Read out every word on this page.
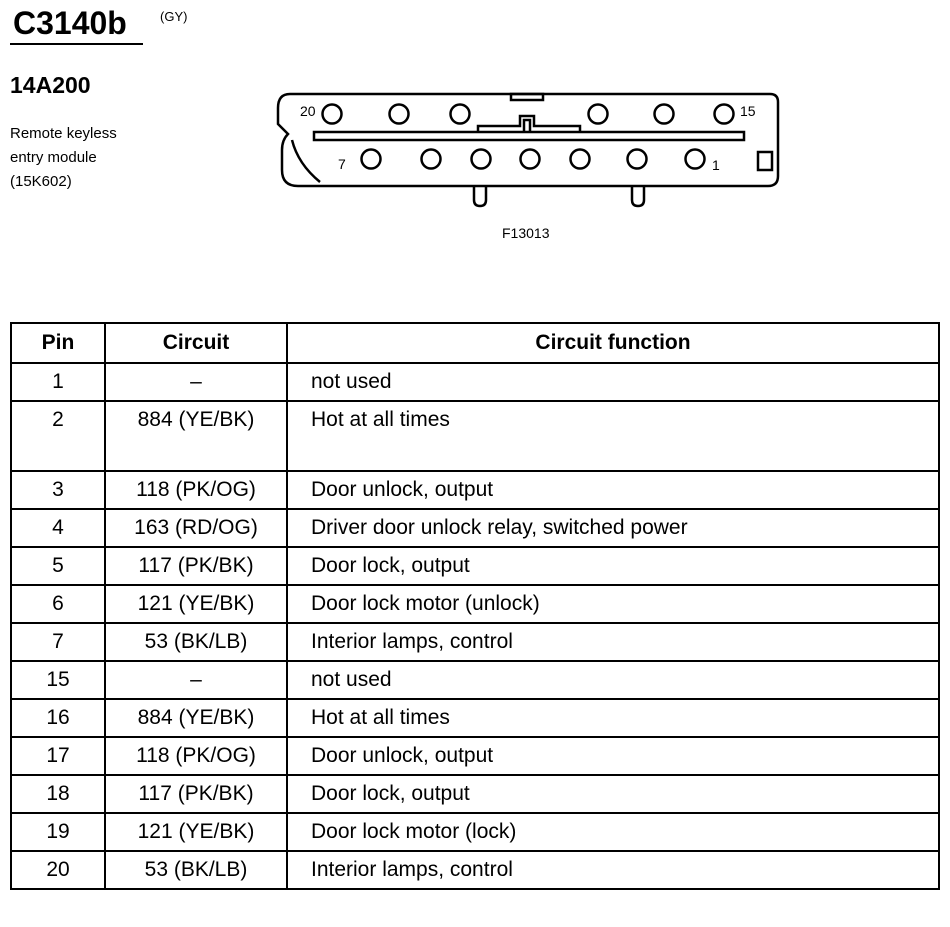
C3140b	(GY)
14A200
Remote keyless
entry module
(15K602)
20	15
7	1
F13013
Pin	Circuit	Circuit function
1	–	not used
2	884 (YE/BK)	Hot at all times
3	118 (PK/OG)	Door unlock, output
4	163 (RD/OG)	Driver door unlock relay, switched power
5	117 (PK/BK)	Door lock, output
6	121 (YE/BK)	Door lock motor (unlock)
7	53 (BK/LB)	Interior lamps, control
15	–	not used
16	884 (YE/BK)	Hot at all times
17	118 (PK/OG)	Door unlock, output
18	117 (PK/BK)	Door lock, output
19	121 (YE/BK)	Door lock motor (lock)
20	53 (BK/LB)	Interior lamps, control
